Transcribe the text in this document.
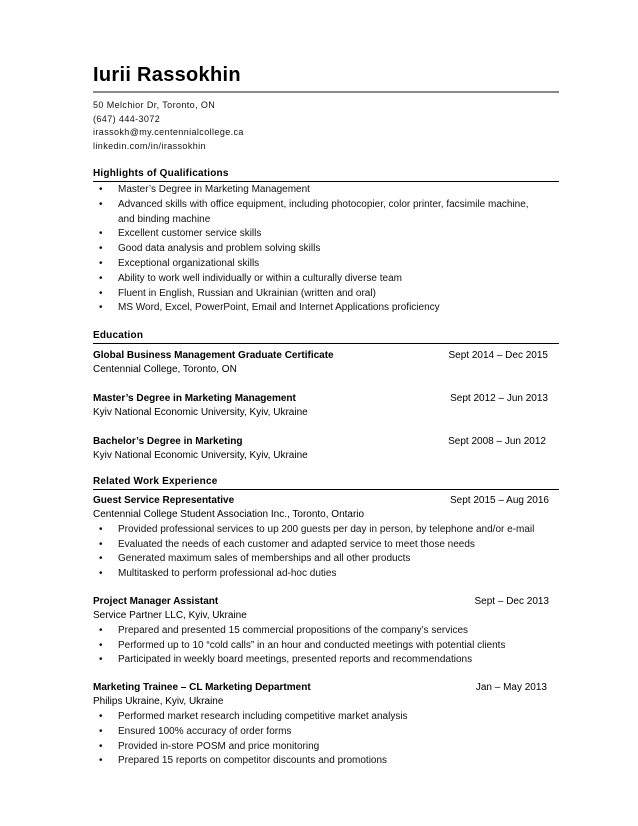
Iurii Rassokhin
50 Melchior Dr, Toronto, ON
(647) 444-3072
irassokh@my.centennialcollege.ca
linkedin.com/in/irassokhin
Highlights of Qualifications
• Master’s Degree in Marketing Management
• Advanced skills with office equipment, including photocopier, color printer, facsimile machine, and binding machine
• Excellent customer service skills
• Good data analysis and problem solving skills
• Exceptional organizational skills
• Ability to work well individually or within a culturally diverse team
• Fluent in English, Russian and Ukrainian (written and oral)
• MS Word, Excel, PowerPoint, Email and Internet Applications proficiency
Education
Global Business Management Graduate Certificate	Sept 2014 – Dec 2015
Centennial College, Toronto, ON
Master’s Degree in Marketing Management	Sept 2012 – Jun 2013
Kyiv National Economic University, Kyiv, Ukraine
Bachelor’s Degree in Marketing	Sept 2008 – Jun 2012
Kyiv National Economic University, Kyiv, Ukraine
Related Work Experience
Guest Service Representative	Sept 2015 – Aug 2016
Centennial College Student Association Inc., Toronto, Ontario
• Provided professional services to up 200 guests per day in person, by telephone and/or e-mail
• Evaluated the needs of each customer and adapted service to meet those needs
• Generated maximum sales of memberships and all other products
• Multitasked to perform professional ad-hoc duties
Project Manager Assistant	Sept – Dec 2013
Service Partner LLC, Kyiv, Ukraine
• Prepared and presented 15 commercial propositions of the company’s services
• Performed up to 10 “cold calls” in an hour and conducted meetings with potential clients
• Participated in weekly board meetings, presented reports and recommendations
Marketing Trainee – CL Marketing Department	Jan – May 2013
Philips Ukraine, Kyiv, Ukraine
• Performed market research including competitive market analysis
• Ensured 100% accuracy of order forms
• Provided in-store POSM and price monitoring
• Prepared 15 reports on competitor discounts and promotions
